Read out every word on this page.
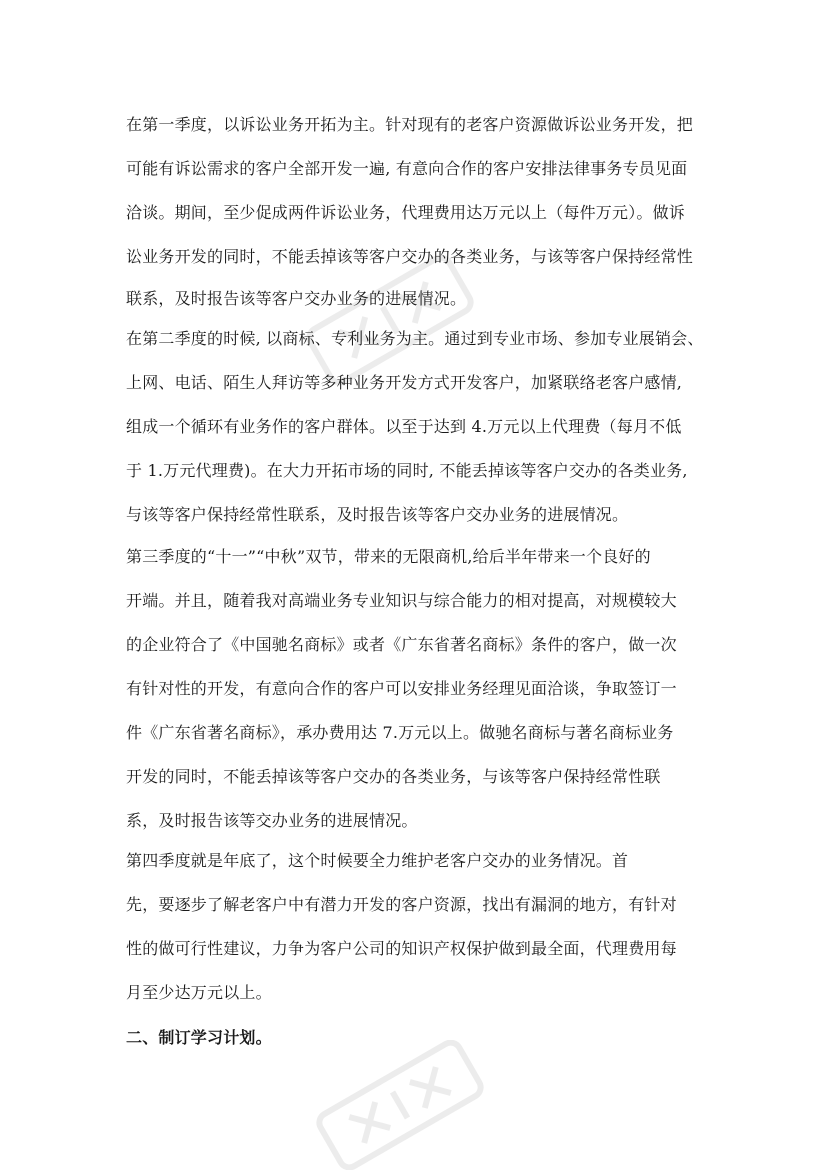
在第一季度，以诉讼业务开拓为主。针对现有的老客户资源做诉讼业务开发，把
可能有诉讼需求的客户全部开发一遍, 有意向合作的客户安排法律事务专员见面
洽谈。期间，至少促成两件诉讼业务，代理费用达万元以上（每件万元）。做诉
讼业务开发的同时，不能丢掉该等客户交办的各类业务，与该等客户保持经常性
联系，及时报告该等客户交办业务的进展情况。
在第二季度的时候, 以商标、专利业务为主。通过到专业市场、参加专业展销会、
上网、电话、陌生人拜访等多种业务开发方式开发客户，加紧联络老客户感情,
组成一个循环有业务作的客户群体。以至于达到 4.万元以上代理费（每月不低
于 1.万元代理费)。在大力开拓市场的同时, 不能丢掉该等客户交办的各类业务,
与该等客户保持经常性联系，及时报告该等客户交办业务的进展情况。
第三季度的“十一”“中秋”双节，带来的无限商机,给后半年带来一个良好的
开端。并且，随着我对高端业务专业知识与综合能力的相对提高，对规模较大
的企业符合了《中国驰名商标》或者《广东省著名商标》条件的客户，做一次
有针对性的开发，有意向合作的客户可以安排业务经理见面洽谈，争取签订一
件《广东省著名商标》，承办费用达 7.万元以上。做驰名商标与著名商标业务
开发的同时，不能丢掉该等客户交办的各类业务，与该等客户保持经常性联
系，及时报告该等交办业务的进展情况。
第四季度就是年底了，这个时候要全力维护老客户交办的业务情况。首
先，要逐步了解老客户中有潜力开发的客户资源，找出有漏洞的地方，有针对
性的做可行性建议，力争为客户公司的知识产权保护做到最全面，代理费用每
月至少达万元以上。
二、制订学习计划。
